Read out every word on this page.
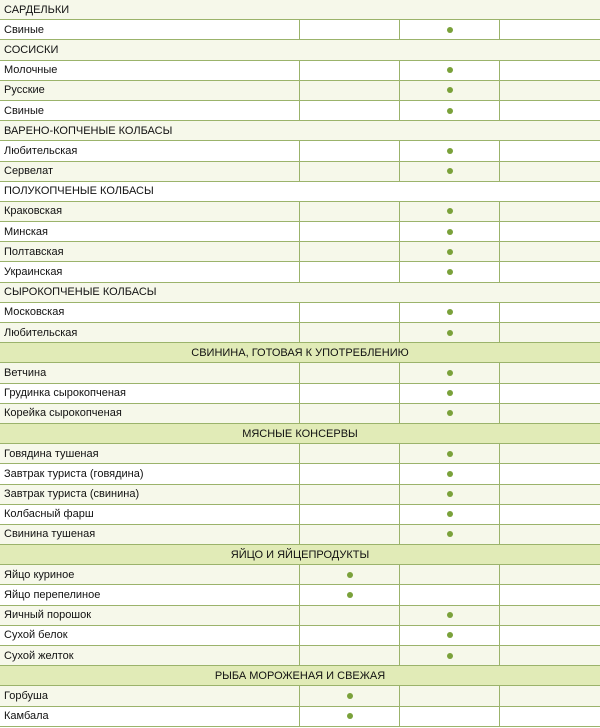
САРДЕЛЬКИ
Свиные
СОСИСКИ
Молочные
Русские
Свиные
ВАРЕНО-КОПЧЕНЫЕ КОЛБАСЫ
Любительская
Сервелат
ПОЛУКОПЧЕНЫЕ КОЛБАСЫ
Краковская
Минская
Полтавская
Украинская
СЫРОКОПЧЕНЫЕ КОЛБАСЫ
Московская
Любительская
СВИНИНА, ГОТОВАЯ К УПОТРЕБЛЕНИЮ
Ветчина
Грудинка сырокопченая
Корейка сырокопченая
МЯСНЫЕ КОНСЕРВЫ
Говядина тушеная
Завтрак туриста (говядина)
Завтрак туриста (свинина)
Колбасный фарш
Свинина тушеная
ЯЙЦО И ЯЙЦЕПРОДУКТЫ
Яйцо куриное
Яйцо перепелиное
Яичный порошок
Сухой белок
Сухой желток
РЫБА МОРОЖЕНАЯ И СВЕЖАЯ
Горбуша
Камбала
